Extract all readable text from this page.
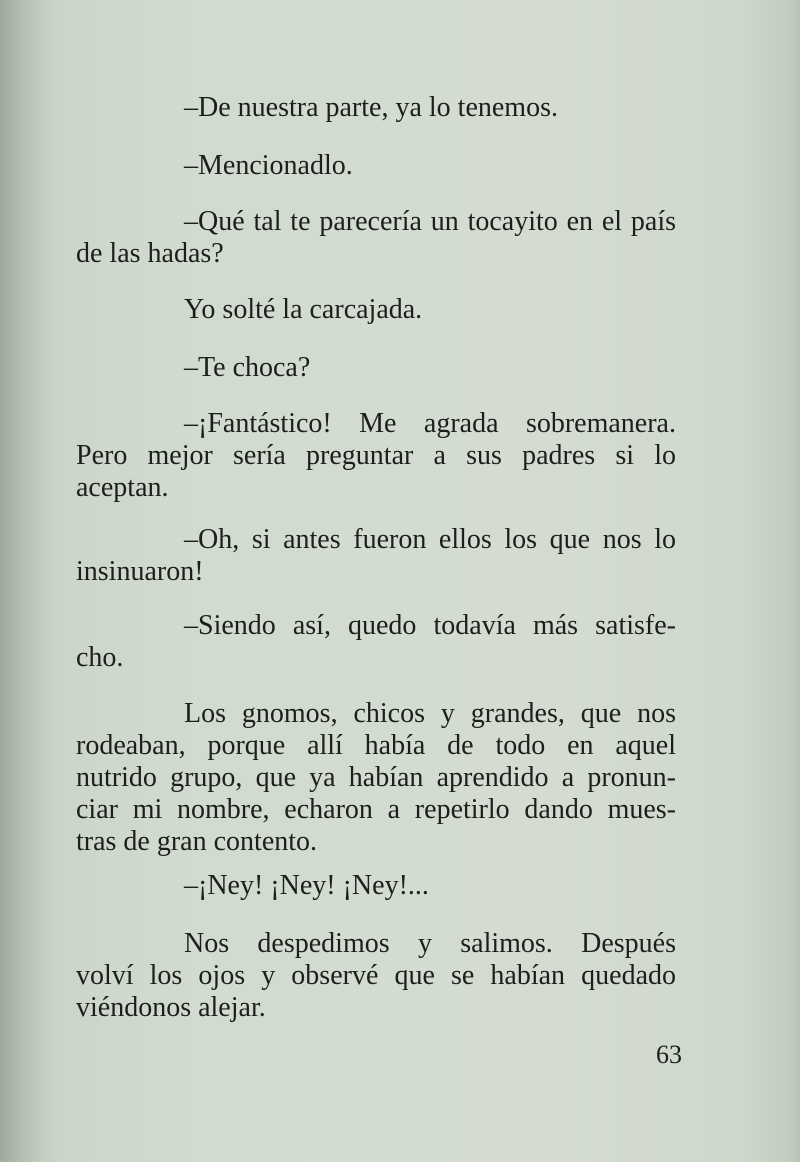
–De nuestra parte, ya lo tenemos.

–Mencionadlo.

–Qué tal te parecería un tocayito en el país
de las hadas?

Yo solté la carcajada.

–Te choca?

–¡Fantástico! Me agrada sobremanera.
Pero mejor sería preguntar a sus padres si lo
aceptan.

–Oh, si antes fueron ellos los que nos lo
insinuaron!

–Siendo así, quedo todavía más satisfe-
cho.

Los gnomos, chicos y grandes, que nos
rodeaban, porque allí había de todo en aquel
nutrido grupo, que ya habían aprendido a pronun-
ciar mi nombre, echaron a repetirlo dando mues-
tras de gran contento.

–¡Ney! ¡Ney! ¡Ney!...

Nos despedimos y salimos. Después
volví los ojos y observé que se habían quedado
viéndonos alejar.

63
